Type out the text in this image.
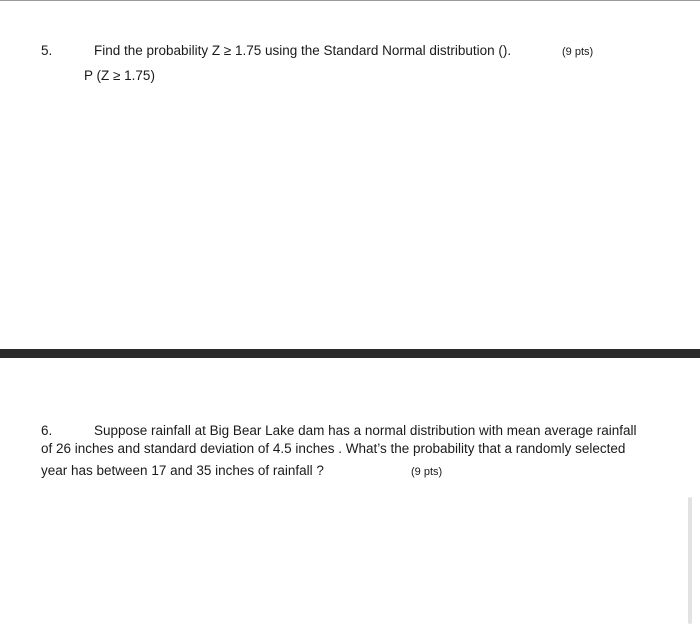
5.	Find the probability Z ≥ 1.75 using the Standard Normal distribution ().	(9 pts)
P (Z ≥ 1.75)
6.	Suppose rainfall at Big Bear Lake dam has a normal distribution with mean average rainfall
of 26 inches and standard deviation of 4.5 inches . What’s the probability that a randomly selected
year has between 17 and 35 inches of rainfall ?	(9 pts)
